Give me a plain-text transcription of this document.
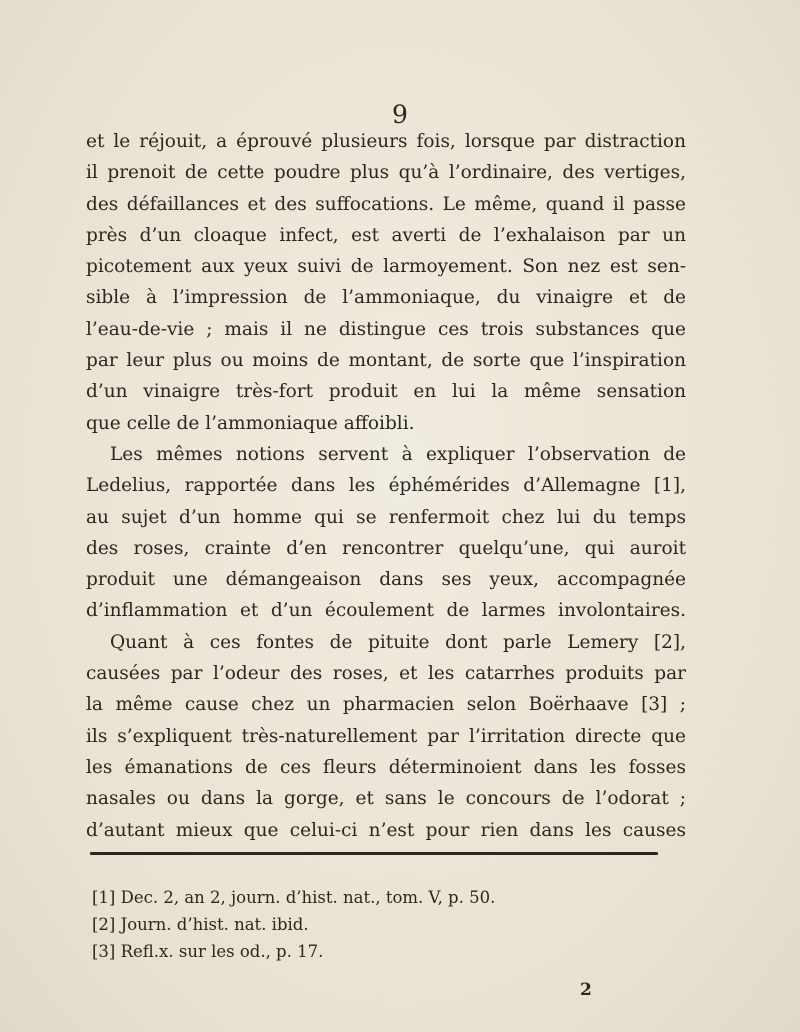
9
et le réjouit, a éprouvé plusieurs fois, lorsque par distraction
il prenoit de cette poudre plus qu’à l’ordinaire, des vertiges,
des défaillances et des suffocations. Le même, quand il passe
près d’un cloaque infect, est averti de l’exhalaison par un
picotement aux yeux suivi de larmoyement. Son nez est sen-
sible à l’impression de l’ammoniaque, du vinaigre et de
l’eau-de-vie ; mais il ne distingue ces trois substances que
par leur plus ou moins de montant, de sorte que l’inspiration
d’un vinaigre très-fort produit en lui la même sensation
que celle de l’ammoniaque affoibli.
Les mêmes notions servent à expliquer l’observation de
Ledelius, rapportée dans les éphémérides d’Allemagne [1],
au sujet d’un homme qui se renfermoit chez lui du temps
des roses, crainte d’en rencontrer quelqu’une, qui auroit
produit une démangeaison dans ses yeux, accompagnée
d’inflammation et d’un écoulement de larmes involontaires.
Quant à ces fontes de pituite dont parle Lemery [2],
causées par l’odeur des roses, et les catarrhes produits par
la même cause chez un pharmacien selon Boërhaave [3] ;
ils s’expliquent très-naturellement par l’irritation directe que
les émanations de ces fleurs déterminoient dans les fosses
nasales ou dans la gorge, et sans le concours de l’odorat ;
d’autant mieux que celui-ci n’est pour rien dans les causes
[1] Dec. 2, an 2, journ. d’hist. nat., tom. V, p. 50.
[2] Journ. d’hist. nat. ibid.
[3] Refl.x. sur les od., p. 17.
2
